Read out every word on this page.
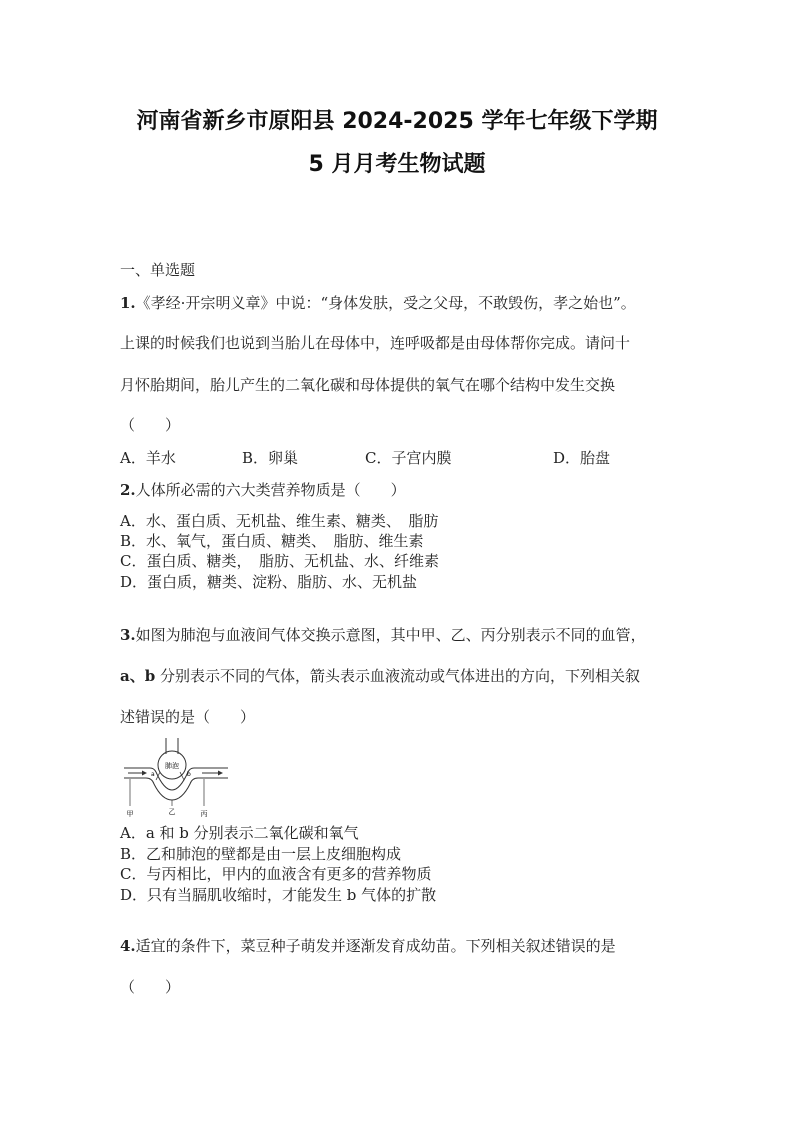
河南省新乡市原阳县 2024-2025 学年七年级下学期
5 月月考生物试题
一、单选题
1.《孝经·开宗明义章》中说：“身体发肤，受之父母，不敢毁伤，孝之始也”。
上课的时候我们也说到当胎儿在母体中，连呼吸都是由母体帮你完成。请问十
月怀胎期间，胎儿产生的二氧化碳和母体提供的氧气在哪个结构中发生交换
（　　）
A．羊水	B．卵巢	C．子宫内膜	D．胎盘
2.人体所必需的六大类营养物质是（　　）
A．水、蛋白质、无机盐、维生素、糖类、　脂肪
B．水、氧气，蛋白质、糖类、　脂肪、维生素
C．蛋白质、糖类，　脂肪、无机盐、水、纤维素
D．蛋白质，糖类、淀粉、脂肪、水、无机盐
3.如图为肺泡与血液间气体交换示意图，其中甲、乙、丙分别表示不同的血管，
a、b 分别表示不同的气体，箭头表示血液流动或气体进出的方向，下列相关叙
述错误的是（　　）
肺泡
a	b
甲	乙	丙
A．a 和 b 分别表示二氧化碳和氧气
B．乙和肺泡的壁都是由一层上皮细胞构成
C．与丙相比，甲内的血液含有更多的营养物质
D．只有当膈肌收缩时，才能发生 b 气体的扩散
4.适宜的条件下，菜豆种子萌发并逐渐发育成幼苗。下列相关叙述错误的是
（　　）
